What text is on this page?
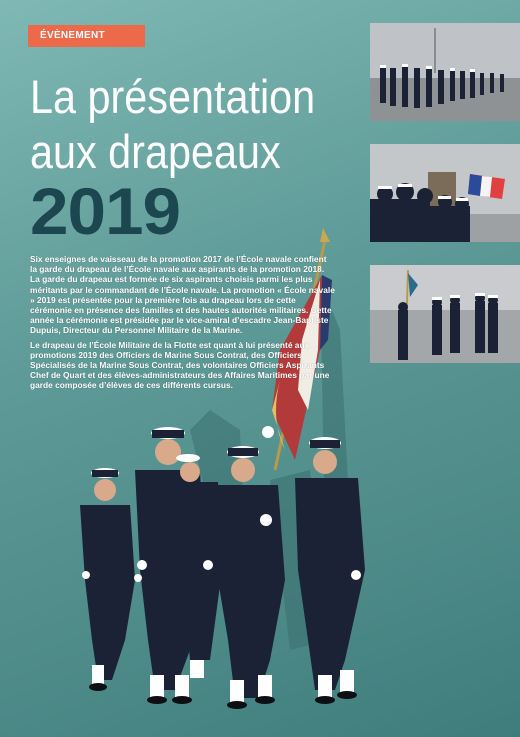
ÉVÈNEMENT
La présentation
aux drapeaux
2019

Six enseignes de vaisseau de la promotion 2017 de l’École navale confient la garde du drapeau de l’École navale aux aspirants de la promotion 2018. La garde du drapeau est formée de six aspirants choisis parmi les plus méritants par le commandant de l’École navale. La promotion « École navale » 2019 est présentée pour la première fois au drapeau lors de cette cérémonie en présence des familles et des hautes autorités militaires. Cette année la cérémonie est présidée par le vice-amiral d’escadre Jean-Baptiste Dupuis, Directeur du Personnel Militaire de la Marine.

Le drapeau de l’École Militaire de la Flotte est quant à lui présenté aux promotions 2019 des Officiers de Marine Sous Contrat, des Officiers Spécialisés de la Marine Sous Contrat, des volontaires Officiers Aspirants Chef de Quart et des élèves-administrateurs des Affaires Maritimes par une garde composée d’élèves de ces différents cursus.
